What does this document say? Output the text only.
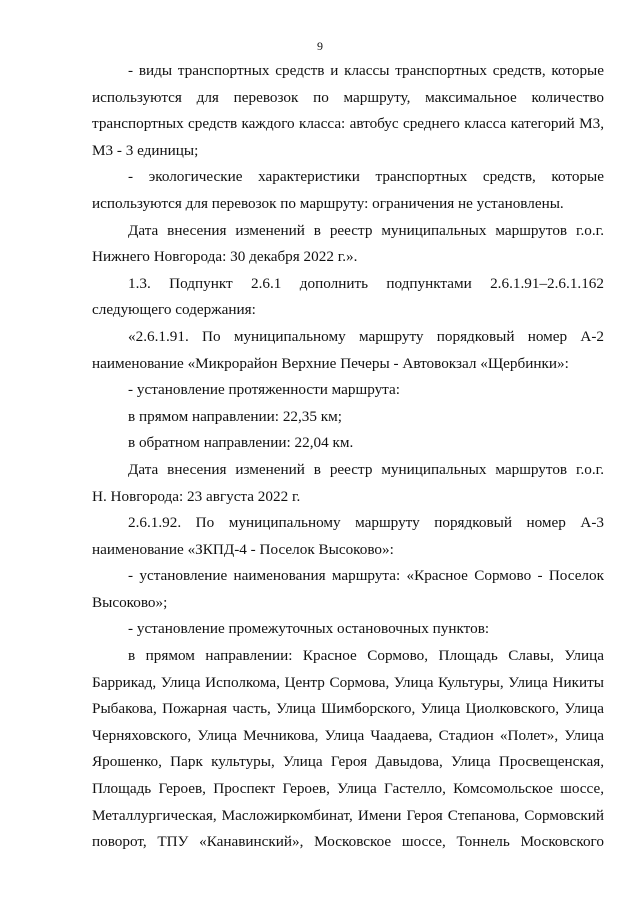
9

- виды транспортных средств и классы транспортных средств, которые
используются для перевозок по маршруту, максимальное количество
транспортных средств каждого класса: автобус среднего класса категорий М3,
М3 - 3 единицы;

- экологические характеристики транспортных средств, которые
используются для перевозок по маршруту: ограничения не установлены.

Дата внесения изменений в реестр муниципальных маршрутов г.о.г.
Нижнего Новгорода: 30 декабря 2022 г.».

1.3. Подпункт 2.6.1 дополнить подпунктами 2.6.1.91–2.6.1.162
следующего содержания:

«2.6.1.91. По муниципальному маршруту порядковый номер А-2
наименование «Микрорайон Верхние Печеры - Автовокзал «Щербинки»:

- установление протяженности маршрута:

в прямом направлении: 22,35 км;

в обратном направлении: 22,04 км.

Дата внесения изменений в реестр муниципальных маршрутов г.о.г.
Н. Новгорода: 23 августа 2022 г.

2.6.1.92. По муниципальному маршруту порядковый номер А-3
наименование «ЗКПД-4 - Поселок Высоково»:

- установление наименования маршрута: «Красное Сормово - Поселок
Высоково»;

- установление промежуточных остановочных пунктов:

в прямом направлении: Красное Сормово, Площадь Славы, Улица
Баррикад, Улица Исполкома, Центр Сормова, Улица Культуры, Улица Никиты
Рыбакова, Пожарная часть, Улица Шимборского, Улица Циолковского, Улица
Черняховского, Улица Мечникова, Улица Чаадаева, Стадион «Полет», Улица
Ярошенко, Парк культуры, Улица Героя Давыдова, Улица Просвещенская,
Площадь Героев, Проспект Героев, Улица Гастелло, Комсомольское шоссе,
Металлургическая, Масложиркомбинат, Имени Героя Степанова, Сормовский
поворот, ТПУ «Канавинский», Московское шоссе, Тоннель Московского
